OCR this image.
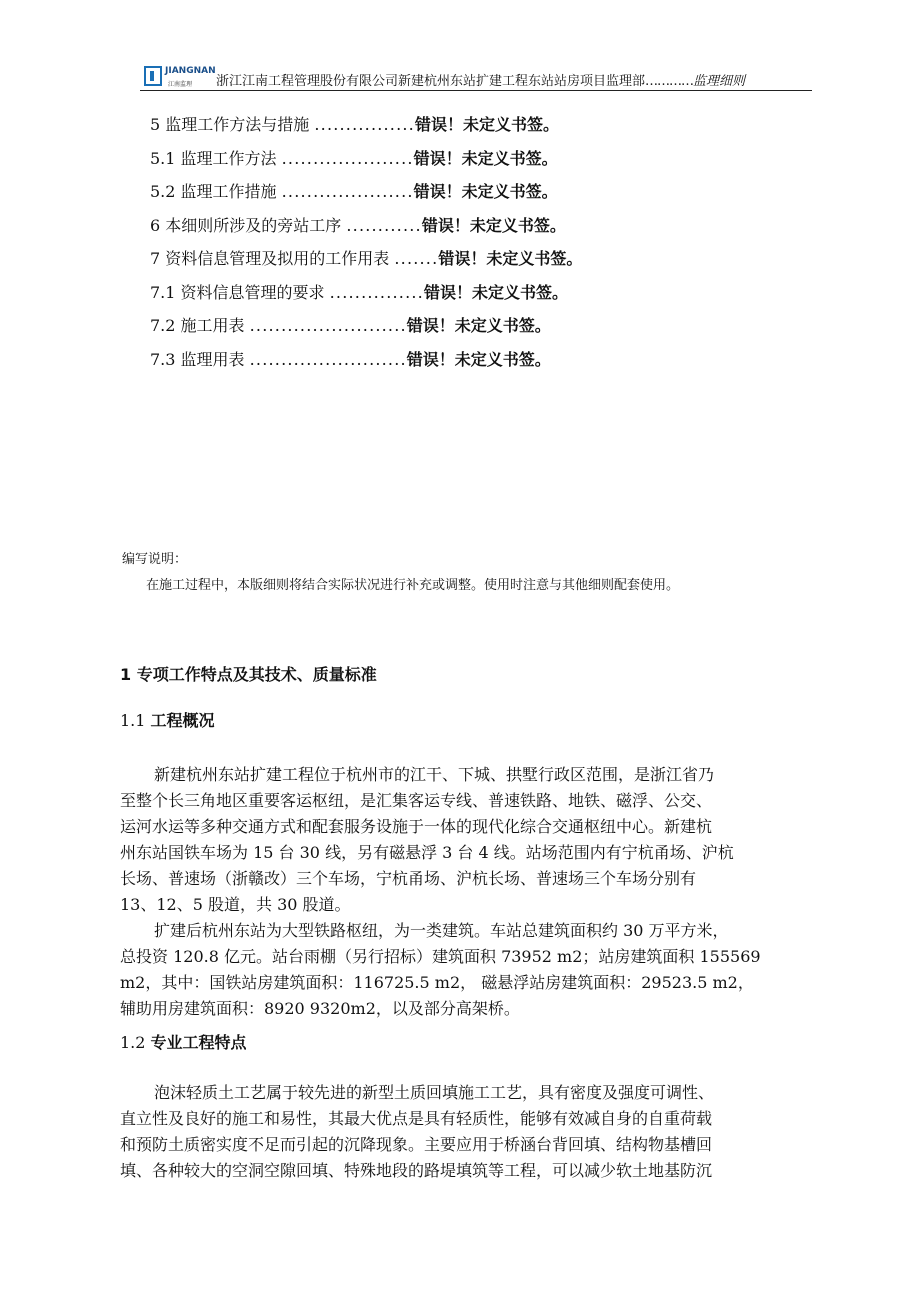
JIANGNAN
江南监理 浙江江南工程管理股份有限公司新建杭州东站扩建工程东站站房项目监理部…………监理细则
5 监理工作方法与措施 ................错误！未定义书签。
5.1 监理工作方法 .....................错误！未定义书签。
5.2 监理工作措施 .....................错误！未定义书签。
6 本细则所涉及的旁站工序 ............错误！未定义书签。
7 资料信息管理及拟用的工作用表 .......错误！未定义书签。
7.1 资料信息管理的要求 ...............错误！未定义书签。
7.2 施工用表 .........................错误！未定义书签。
7.3 监理用表 .........................错误！未定义书签。
编写说明：
在施工过程中，本版细则将结合实际状况进行补充或调整。使用时注意与其他细则配套使用。
1 专项工作特点及其技术、质量标准
1.1 工程概况
新建杭州东站扩建工程位于杭州市的江干、下城、拱墅行政区范围，是浙江省乃
至整个长三角地区重要客运枢纽，是汇集客运专线、普速铁路、地铁、磁浮、公交、
运河水运等多种交通方式和配套服务设施于一体的现代化综合交通枢纽中心。新建杭
州东站国铁车场为 15 台 30 线，另有磁悬浮 3 台 4 线。站场范围内有宁杭甬场、沪杭
长场、普速场（浙赣改）三个车场，宁杭甬场、沪杭长场、普速场三个车场分别有
13、12、5 股道，共 30 股道。
扩建后杭州东站为大型铁路枢纽，为一类建筑。车站总建筑面积约 30 万平方米，
总投资 120.8 亿元。站台雨棚（另行招标）建筑面积 73952 m2；站房建筑面积 155569
m2，其中：国铁站房建筑面积：116725.5 m2， 磁悬浮站房建筑面积：29523.5 m2，
辅助用房建筑面积：8920 9320m2，以及部分高架桥。
1.2 专业工程特点
泡沫轻质土工艺属于较先进的新型土质回填施工工艺，具有密度及强度可调性、
直立性及良好的施工和易性，其最大优点是具有轻质性，能够有效减自身的自重荷载
和预防土质密实度不足而引起的沉降现象。主要应用于桥涵台背回填、结构物基槽回
填、各种较大的空洞空隙回填、特殊地段的路堤填筑等工程，可以减少软土地基防沉
